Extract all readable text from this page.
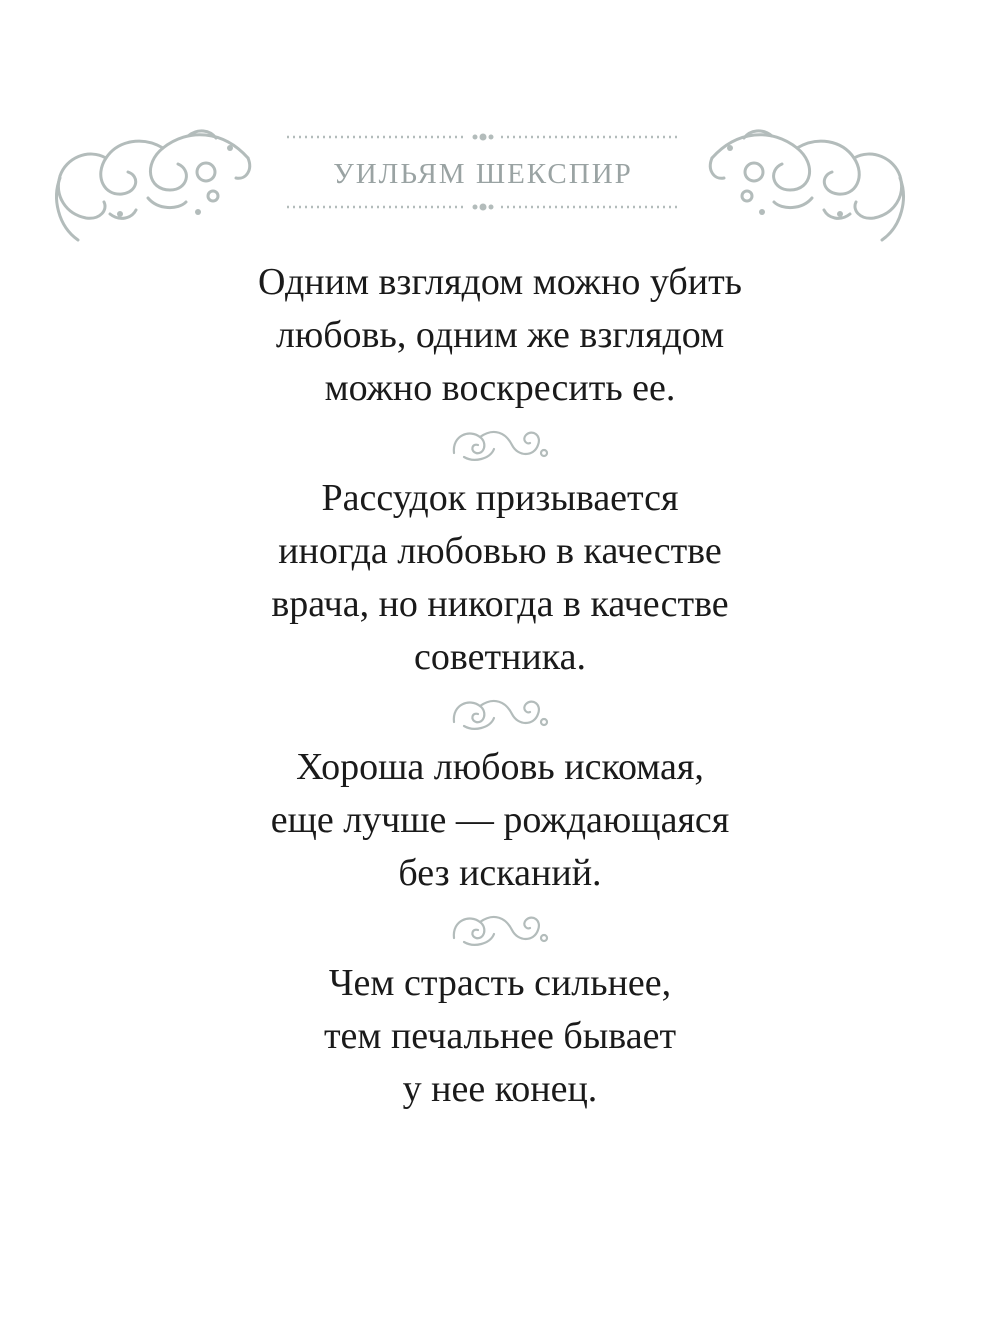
УИЛЬЯМ ШЕКСПИР
Одним взглядом можно убить
любовь, одним же взглядом
можно воскресить ее.
Рассудок призывается
иногда любовью в качестве
врача, но никогда в качестве
советника.
Хороша любовь искомая,
еще лучше — рождающаяся
без исканий.
Чем страсть сильнее,
тем печальнее бывает
у нее конец.
